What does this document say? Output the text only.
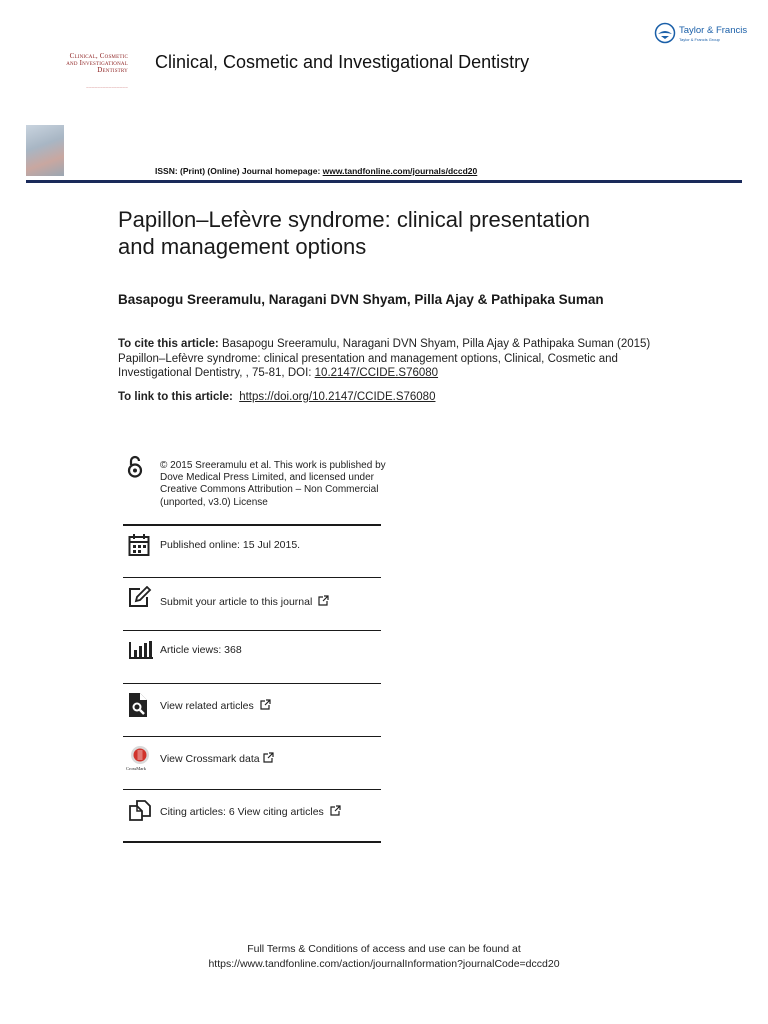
Clinical, Cosmetic
and Investigational
Dentistry
───────────────
Clinical, Cosmetic and Investigational Dentistry
Taylor & Francis
Taylor & Francis Group
ISSN: (Print) (Online) Journal homepage: www.tandfonline.com/journals/dccd20
Papillon–Lefèvre syndrome: clinical presentation
and management options
Basapogu Sreeramulu, Naragani DVN Shyam, Pilla Ajay & Pathipaka Suman
To cite this article: Basapogu Sreeramulu, Naragani DVN Shyam, Pilla Ajay & Pathipaka Suman (2015) Papillon–Lefèvre syndrome: clinical presentation and management options, Clinical, Cosmetic and Investigational Dentistry, , 75-81, DOI: 10.2147/CCIDE.S76080
To link to this article: https://doi.org/10.2147/CCIDE.S76080
© 2015 Sreeramulu et al. This work is published by Dove Medical Press Limited, and licensed under Creative Commons Attribution – Non Commercial (unported, v3.0) License
Published online: 15 Jul 2015.
Submit your article to this journal
Article views: 368
View related articles
CrossMark
View Crossmark data
Citing articles: 6 View citing articles
Full Terms & Conditions of access and use can be found at
https://www.tandfonline.com/action/journalInformation?journalCode=dccd20
